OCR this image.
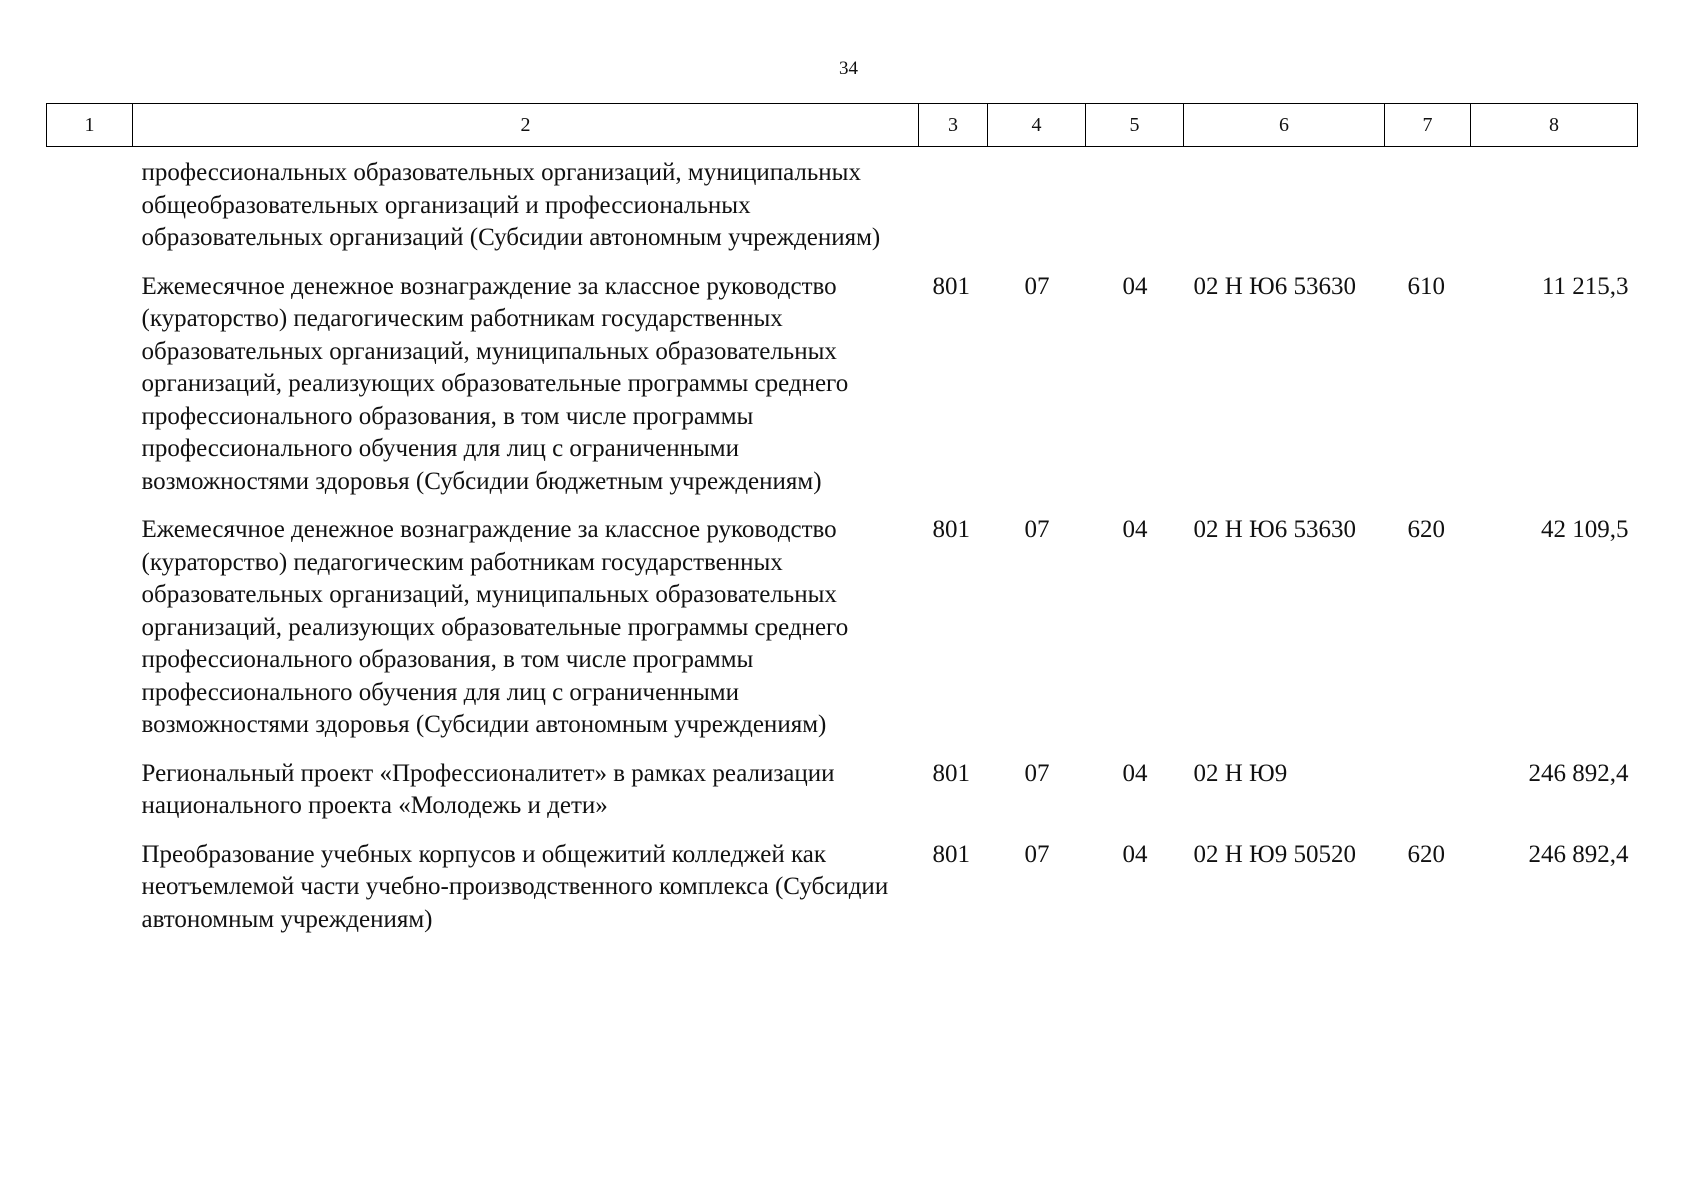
34
1	2	3	4	5	6	7	8
профессиональных образовательных организаций, муниципальных общеобразовательных организаций и профессиональных образовательных организаций (Субсидии автономным учреждениям)							
Ежемесячное денежное вознаграждение за классное руководство (кураторство) педагогическим работникам государственных образовательных организаций, муниципальных образовательных организаций, реализующих образовательные программы среднего профессионального образования, в том числе программы профессионального обучения для лиц с ограниченными возможностями здоровья (Субсидии бюджетным учреждениям)		801	07	04	02 Н Ю6 53630	610	11 215,3
Ежемесячное денежное вознаграждение за классное руководство (кураторство) педагогическим работникам государственных образовательных организаций, муниципальных образовательных организаций, реализующих образовательные программы среднего профессионального образования, в том числе программы профессионального обучения для лиц с ограниченными возможностями здоровья (Субсидии автономным учреждениям)		801	07	04	02 Н Ю6 53630	620	42 109,5
Региональный проект «Профессионалитет» в рамках реализации национального проекта «Молодежь и дети»		801	07	04	02 Н Ю9		246 892,4
Преобразование учебных корпусов и общежитий колледжей как неотъемлемой части учебно-производственного комплекса (Субсидии автономным учреждениям)		801	07	04	02 Н Ю9 50520	620	246 892,4
